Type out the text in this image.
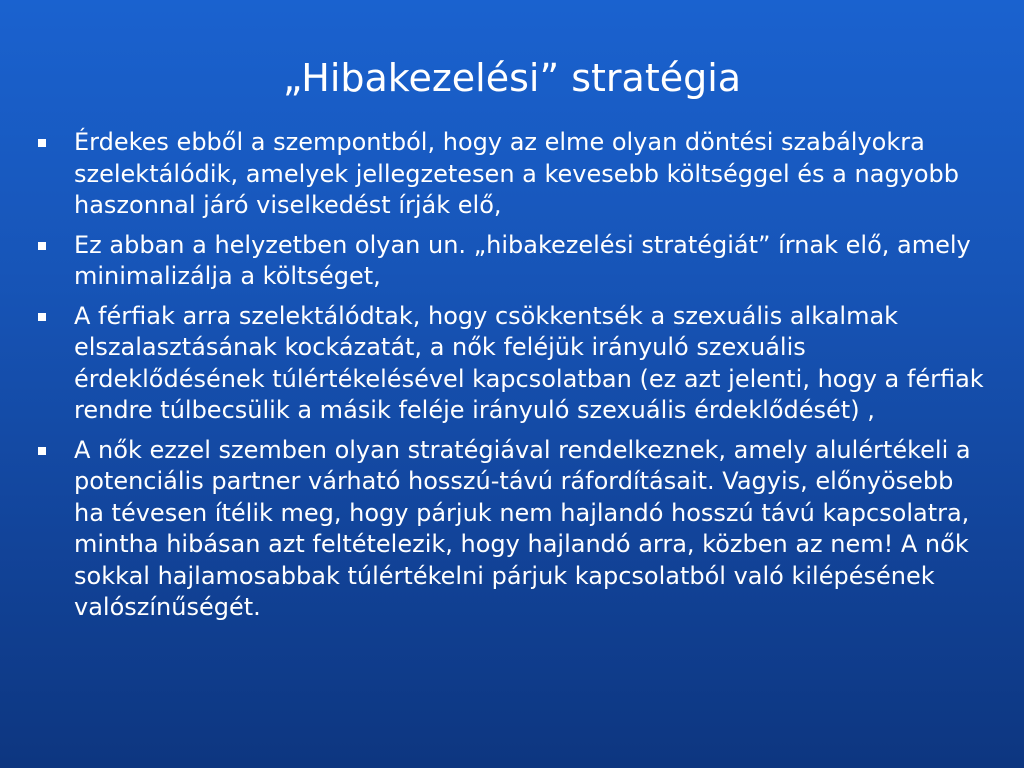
„Hibakezelési” stratégia
Érdekes ebből a szempontból, hogy az elme olyan döntési szabályokra szelektálódik, amelyek jellegzetesen a kevesebb költséggel és a nagyobb haszonnal járó viselkedést írják elő,
Ez abban a helyzetben olyan un. „hibakezelési stratégiát” írnak elő, amely minimalizálja a költséget,
A férfiak arra szelektálódtak, hogy csökkentsék a szexuális alkalmak elszalasztásának kockázatát, a nők feléjük irányuló szexuális érdeklődésének túlértékelésével kapcsolatban (ez azt jelenti, hogy a férfiak rendre túlbecsülik a másik feléje irányuló szexuális érdeklődését) ,
A nők ezzel szemben olyan stratégiával rendelkeznek, amely alulértékeli a potenciális partner várható hosszú-távú ráfordításait. Vagyis, előnyösebb ha tévesen ítélik meg, hogy párjuk nem hajlandó hosszú távú kapcsolatra, mintha hibásan azt feltételezik, hogy hajlandó arra, közben az nem! A nők sokkal hajlamosabbak túlértékelni párjuk kapcsolatból való kilépésének valószínűségét.
